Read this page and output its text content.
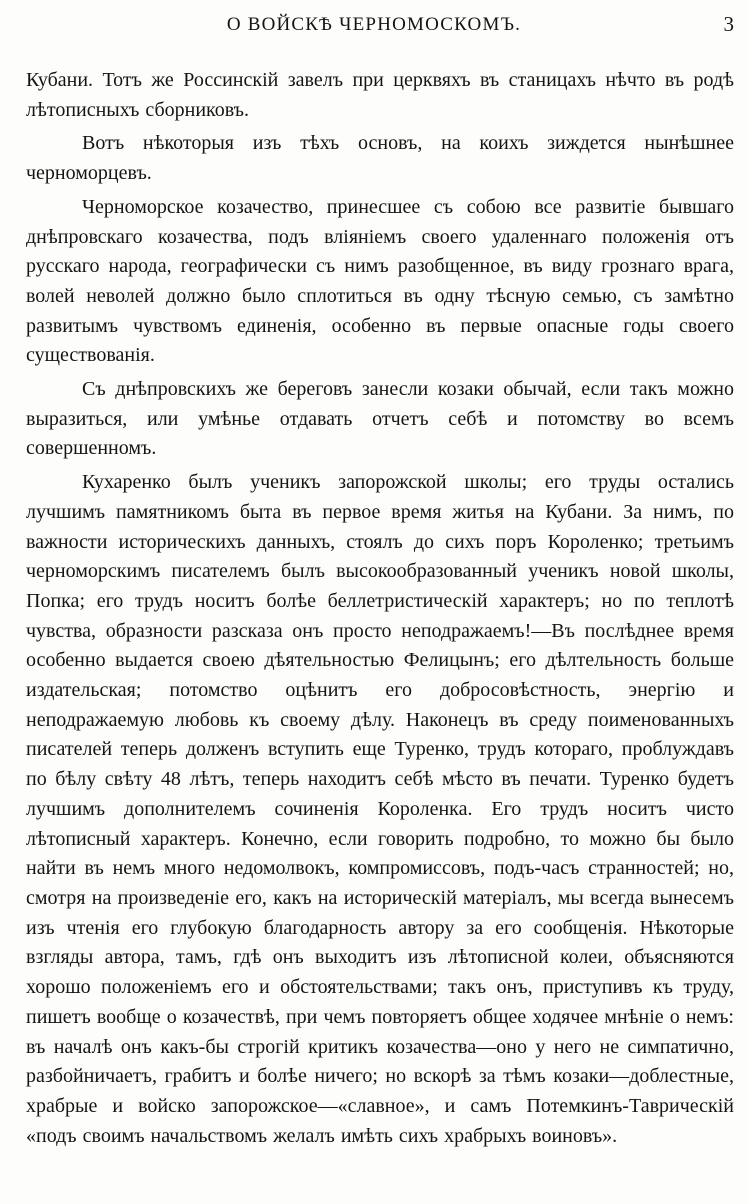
О ВОЙСКѢ ЧЕРНОМОСКОМЪ.	3

Кубани. Тотъ же Россинскій завелъ при церквяхъ въ станицахъ нѣчто въ родѣ лѣтописныхъ сборниковъ.

Вотъ нѣкоторыя изъ тѣхъ основъ, на коихъ зиждется нынѣшнее черноморцевъ.

Черноморское козачество, принесшее съ собою все развитіе бывшаго днѣпровскаго козачества, подъ вліяніемъ своего удаленнаго положенія отъ русскаго народа, географически съ нимъ разобщенное, въ виду грознаго врага, волей неволей должно было сплотиться въ одну тѣсную семью, съ замѣтно развитымъ чувствомъ единенія, особенно въ первые опасные годы своего существованія.

Съ днѣпровскихъ же береговъ занесли козаки обычай, если такъ можно выразиться, или умѣнье отдавать отчетъ себѣ и потомству во всемъ совершенномъ.

Кухаренко былъ ученикъ запорожской школы; его труды остались лучшимъ памятникомъ быта въ первое время житья на Кубани. За нимъ, по важности историческихъ данныхъ, стоялъ до сихъ поръ Короленко; третьимъ черноморскимъ писателемъ былъ высокообразованный ученикъ новой школы, Попка; его трудъ носитъ болѣе беллетристическій характеръ; но по теплотѣ чувства, образности разсказа онъ просто неподражаемъ!—Въ послѣднее время особенно выдается своею дѣятельностью Фелицынъ; его дѣлтельность больше издательская; потомство оцѣнитъ его добросовѣстность, энергію и неподражаемую любовь къ своему дѣлу. Наконецъ въ среду поименованныхъ писателей теперь долженъ вступить еще Туренко, трудъ котораго, проблуждавъ по бѣлу свѣту 48 лѣтъ, теперь находитъ себѣ мѣсто въ печати. Туренко будетъ лучшимъ дополнителемъ сочиненія Короленка. Его трудъ носитъ чисто лѣтописный характеръ. Конечно, если говорить подробно, то можно бы было найти въ немъ много недомолвокъ, компромиссовъ, подъ-часъ странностей; но, смотря на произведеніе его, какъ на историческій матеріалъ, мы всегда вынесемъ изъ чтенія его глубокую благодарность автору за его сообщенія. Нѣкоторые взгляды автора, тамъ, гдѣ онъ выходитъ изъ лѣтописной колеи, объясняются хорошо положеніемъ его и обстоятельствами; такъ онъ, приступивъ къ труду, пишетъ вообще о козачествѣ, при чемъ повторяетъ общее ходячее мнѣніе о немъ: въ началѣ онъ какъ-бы строгій критикъ козачества—оно у него не симпатично, разбойничаетъ, грабитъ и болѣе ничего; но вскорѣ за тѣмъ козаки—доблестные, храбрые и войско запорожское—«славное», и самъ Потемкинъ-Таврическій «подъ своимъ начальствомъ желалъ имѣть сихъ храбрыхъ воиновъ».
